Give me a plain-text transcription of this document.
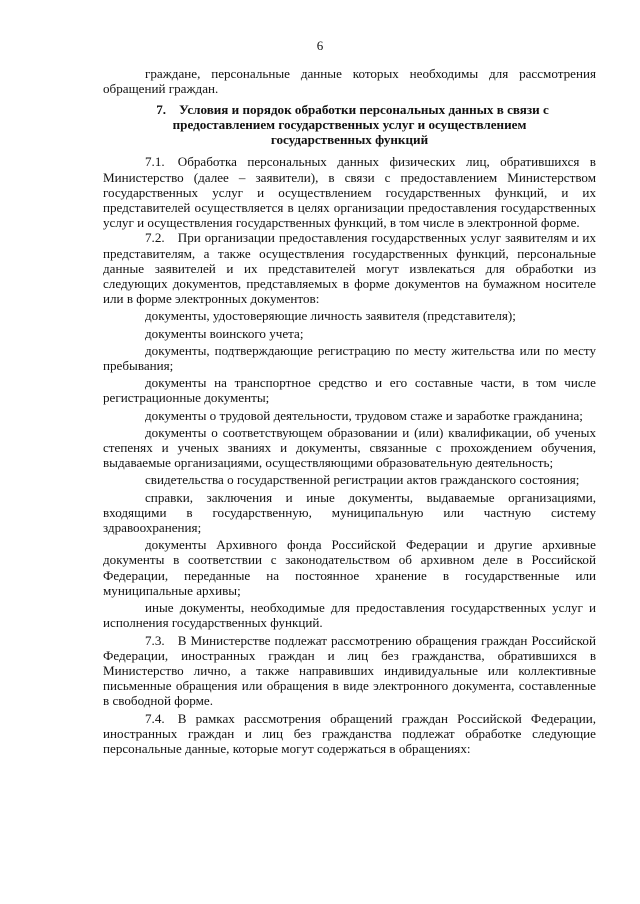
6

граждане, персональные данные которых необходимы для рассмотрения обращений граждан.

7. Условия и порядок обработки персональных данных в связи с
предоставлением государственных услуг и осуществлением
государственных функций

7.1. Обработка персональных данных физических лиц, обратившихся в Министерство (далее – заявители), в связи с предоставлением Министерством государственных услуг и осуществлением государственных функций, и их представителей осуществляется в целях организации предоставления государственных услуг и осуществления государственных функций, в том числе в электронной форме.

7.2. При организации предоставления государственных услуг заявителям и их представителям, а также осуществления государственных функций, персональные данные заявителей и их представителей могут извлекаться для обработки из следующих документов, представляемых в форме документов на бумажном носителе или в форме электронных документов:

документы, удостоверяющие личность заявителя (представителя);

документы воинского учета;

документы, подтверждающие регистрацию по месту жительства или по месту пребывания;

документы на транспортное средство и его составные части, в том числе регистрационные документы;

документы о трудовой деятельности, трудовом стаже и заработке гражданина;

документы о соответствующем образовании и (или) квалификации, об ученых степенях и ученых званиях и документы, связанные с прохождением обучения, выдаваемые организациями, осуществляющими образовательную деятельность;

свидетельства о государственной регистрации актов гражданского состояния;

справки, заключения и иные документы, выдаваемые организациями, входящими в государственную, муниципальную или частную систему здравоохранения;

документы Архивного фонда Российской Федерации и другие архивные документы в соответствии с законодательством об архивном деле в Российской Федерации, переданные на постоянное хранение в государственные или муниципальные архивы;

иные документы, необходимые для предоставления государственных услуг и исполнения государственных функций.

7.3. В Министерстве подлежат рассмотрению обращения граждан Российской Федерации, иностранных граждан и лиц без гражданства, обратившихся в Министерство лично, а также направивших индивидуальные или коллективные письменные обращения или обращения в виде электронного документа, составленные в свободной форме.

7.4. В рамках рассмотрения обращений граждан Российской Федерации, иностранных граждан и лиц без гражданства подлежат обработке следующие персональные данные, которые могут содержаться в обращениях:
